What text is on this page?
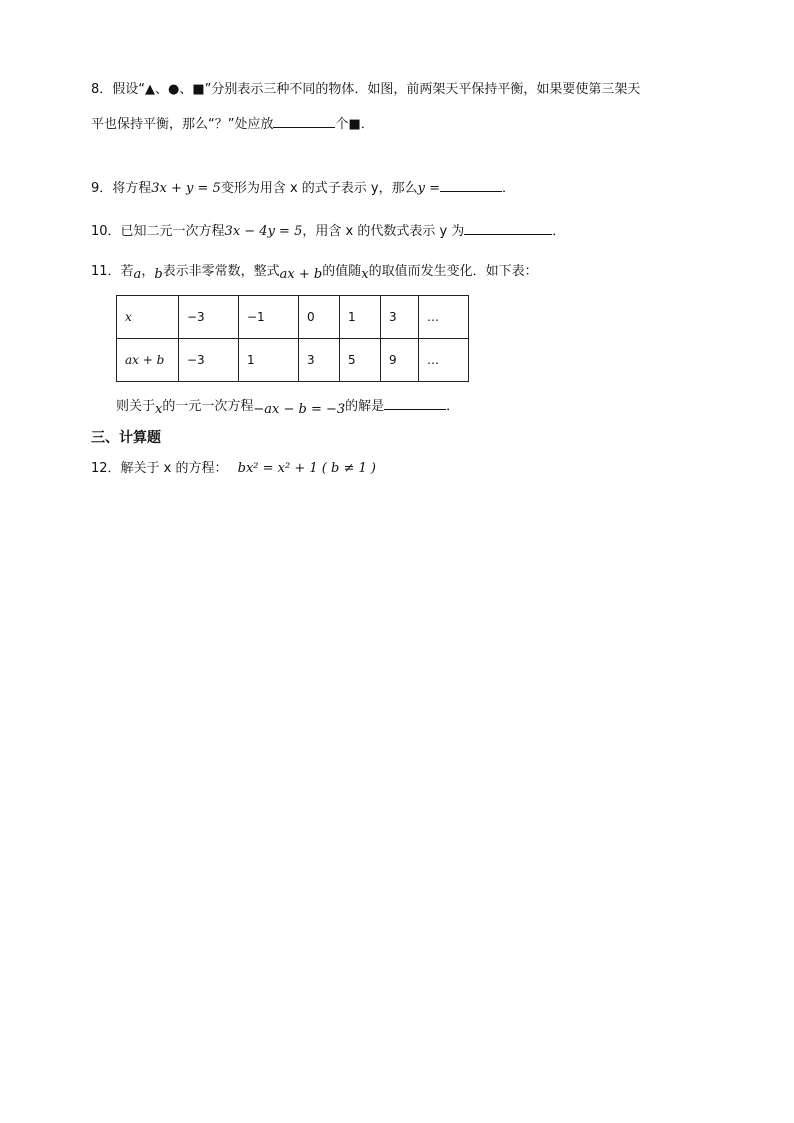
8．假设“▲、●、■”分别表示三种不同的物体．如图，前两架天平保持平衡，如果要使第三架天
平也保持平衡，那么“？”处应放	个■．
9．将方程3x + y = 5变形为用含 x 的式子表示 y，那么y =	．
10．已知二元一次方程3x − 4y = 5，用含 x 的代数式表示 y 为	．
11．若a，b表示非零常数，整式ax + b的值随x的取值而发生变化．如下表：
x	−3	−1	0	1	3	…
ax + b	−3	1	3	5	9	…
则关于x的一元一次方程−ax − b = −3的解是	．
三、计算题
12．解关于 x 的方程： bx² = x² + 1 ( b ≠ 1 )
